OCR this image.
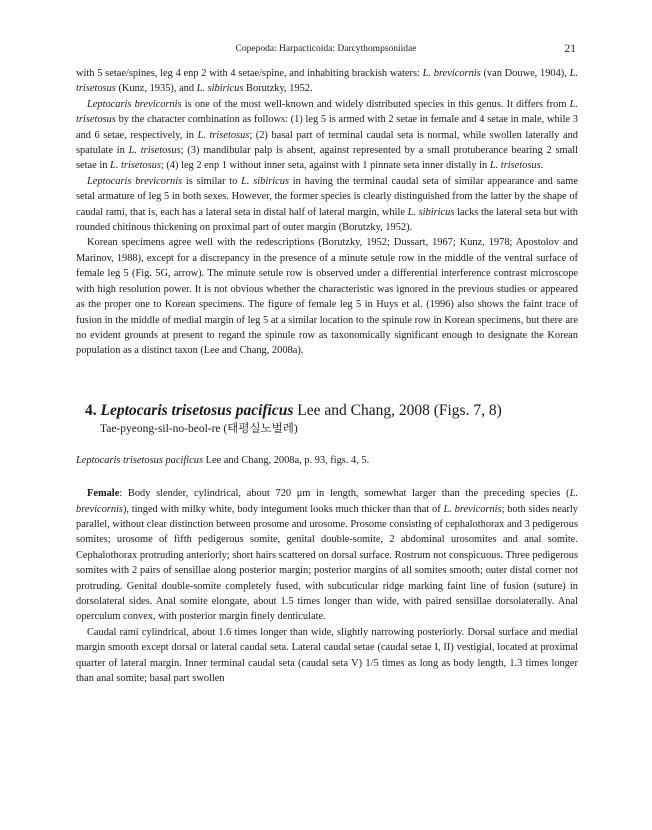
Copepoda: Harpacticoida: Darcythompsoniidae	21

with 5 setae/spines, leg 4 enp 2 with 4 setae/spine, and inhabiting brackish waters: L. brevicornis (van Douwe, 1904), L. trisetosus (Kunz, 1935), and L. sibiricus Borutzky, 1952.

Leptocaris brevicornis is one of the most well-known and widely distributed species in this genus. It differs from L. trisetosus by the character combination as follows: (1) leg 5 is armed with 2 setae in female and 4 setae in male, while 3 and 6 setae, respectively, in L. trisetosus; (2) basal part of terminal caudal seta is normal, while swollen laterally and spatulate in L. trisetosus; (3) mandibular palp is absent, against represented by a small protuberance bearing 2 small setae in L. trisetosus; (4) leg 2 enp 1 without inner seta, against with 1 pinnate seta inner distally in L. trisetosus.

Leptocaris brevicornis is similar to L. sibiricus in having the terminal caudal seta of similar appearance and same setal armature of leg 5 in both sexes. However, the former species is clearly distinguished from the latter by the shape of caudal rami, that is, each has a lateral seta in distal half of lateral margin, while L. sibiricus lacks the lateral seta but with rounded chitinous thickening on proximal part of outer margin (Borutzky, 1952).

Korean specimens agree well with the redescriptions (Borutzky, 1952; Dussart, 1967; Kunz, 1978; Apostolov and Marinov, 1988), except for a discrepancy in the presence of a minute setule row in the middle of the ventral surface of female leg 5 (Fig. 5G, arrow). The minute setule row is observed under a differential interference contrast microscope with high resolution power. It is not obvious whether the characteristic was ignored in the previous studies or appeared as the proper one to Korean specimens. The figure of female leg 5 in Huys et al. (1996) also shows the faint trace of fusion in the middle of medial margin of leg 5 at a similar location to the spinule row in Korean specimens, but there are no evident grounds at present to regard the spinule row as taxonomically significant enough to designate the Korean population as a distinct taxon (Lee and Chang, 2008a).

4. Leptocaris trisetosus pacificus Lee and Chang, 2008 (Figs. 7, 8)
Tae-pyeong-sil-no-beol-re (태평실노벌레)

Leptocaris trisetosus pacificus Lee and Chang, 2008a, p. 93, figs. 4, 5.

Female: Body slender, cylindrical, about 720 μm in length, somewhat larger than the preceding species (L. brevicornis), tinged with milky white, body integument looks much thicker than that of L. brevicornis; both sides nearly parallel, without clear distinction between prosome and urosome. Prosome consisting of cephalothorax and 3 pedigerous somites; urosome of fifth pedigerous somite, genital double-somite, 2 abdominal urosomites and anal somite. Cephalothorax protruding anteriorly; short hairs scattered on dorsal surface. Rostrum not conspicuous. Three pedigerous somites with 2 pairs of sensillae along posterior margin; posterior margins of all somites smooth; outer distal corner not protruding. Genital double-somite completely fused, with subcuticular ridge marking faint line of fusion (suture) in dorsolateral sides. Anal somite elongate, about 1.5 times longer than wide, with paired sensillae dorsolaterally. Anal operculum convex, with posterior margin finely denticulate.

Caudal rami cylindrical, about 1.6 times longer than wide, slightly narrowing posteriorly. Dorsal surface and medial margin smooth except dorsal or lateral caudal seta. Lateral caudal setae (caudal setae I, II) vestigial, located at proximal quarter of lateral margin. Inner terminal caudal seta (caudal seta V) 1/5 times as long as body length, 1.3 times longer than anal somite; basal part swollen
